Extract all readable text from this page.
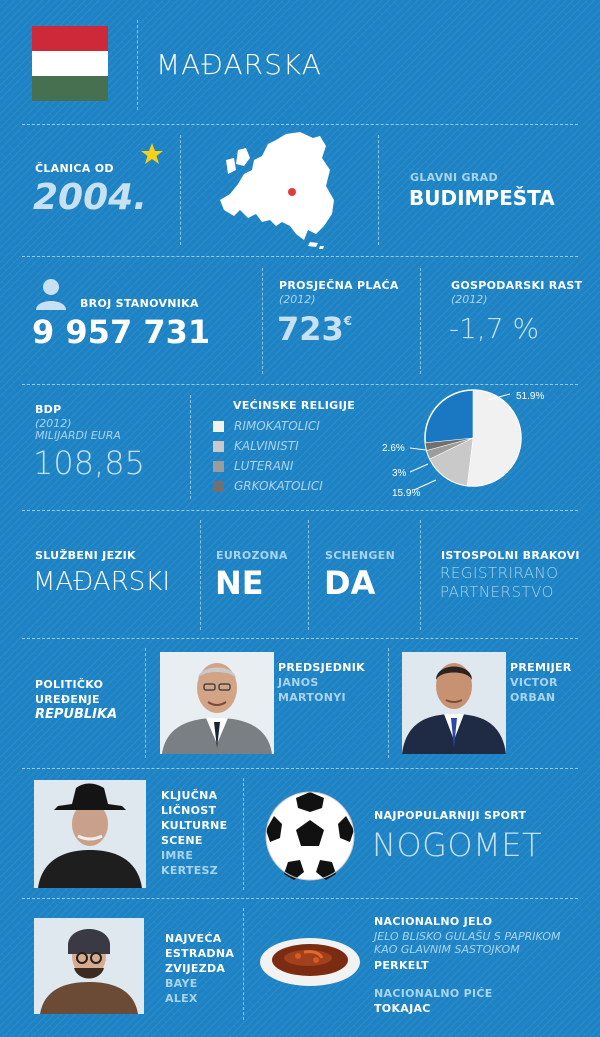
MAĐARSKA
ČLANICA OD
2004.	GLAVNI GRAD
BUDIMPEŠTA
BROJ STANOVNIKA
9 957 731
PROSJEČNA PLAĆA
(2012)
723€
GOSPODARSKI RAST
(2012)
-1,7 %
BDP
(2012)
MILIJARDI EURA
108,85
VEĆINSKE RELIGIJE
RIMOKATOLICI
KALVINISTI
LUTERANI
GRKOKATOLICI
51.9%
2.6%
3%
15.9%
SLUŽBENI JEZIK
MAĐARSKI
EUROZONA
NE
SCHENGEN
DA
ISTOSPOLNI BRAKOVI
REGISTRIRANO
PARTNERSTVO
POLITIČKO
UREĐENJE
REPUBLIKA
PREDSJEDNIK
JANOS
MARTONYI
PREMIJER
VICTOR
ORBAN
KLJUČNA
LIČNOST
KULTURNE
SCENE
IMRE
KERTESZ
NAJPOPULARNIJI SPORT
NOGOMET
NAJVEĆA
ESTRADNA
ZVIJEZDA
BAYE
ALEX
NACIONALNO JELO
JELO BLISKO GULAŠU S PAPRIKOM
KAO GLAVNIM SASTOJKOM
PERKELT
NACIONALNO PIĆE
TOKAJAC
